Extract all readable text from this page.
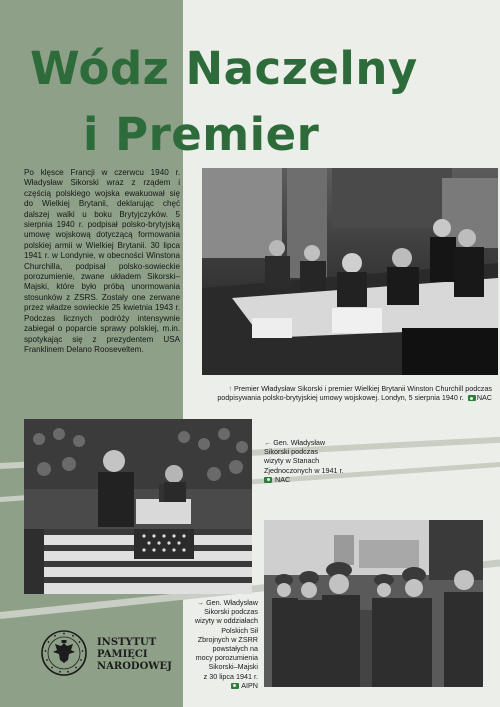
Wódz Naczelny
i Premier

Po klęsce Francji w czerwcu 1940 r. Władysław Sikorski wraz z rządem i częścią polskiego wojska ewakuował się do Wielkiej Brytanii, deklarując chęć dalszej walki u boku Brytyjczyków. 5 sierpnia 1940 r. podpisał polsko-brytyjską umowę wojskową dotyczącą formowania polskiej armii w Wielkiej Brytanii. 30 lipca 1941 r. w Londynie, w obecności Winstona Churchilla, podpisał polsko-sowieckie porozumienie, zwane układem Sikorski–Majski, które było próbą unormowania stosunków z ZSRS. Zostały one zerwane przez władze sowieckie 25 kwietnia 1943 r. Podczas licznych podróży intensywnie zabiegał o poparcie sprawy polskiej, m.in. spotykając się z prezydentem USA Franklinem Delano Rooseveltem.

↑ Premier Władysław Sikorski i premier Wielkiej Brytanii Winston Churchill podczas podpisywania polsko-brytyjskiej umowy wojskowej. Londyn, 5 sierpnia 1940 r. NAC

← Gen. Władysław
Sikorski podczas
wizyty w Stanach
Zjednoczonych w 1941 r.
NAC

→ Gen. Władysław
Sikorski podczas
wizyty w oddziałach
Polskich Sił
Zbrojnych w ZSRR
powstałych na
mocy porozumienia
Sikorski–Majski
z 30 lipca 1941 r.
AIPN

INSTYTUT
PAMIĘCI
NARODOWEJ
